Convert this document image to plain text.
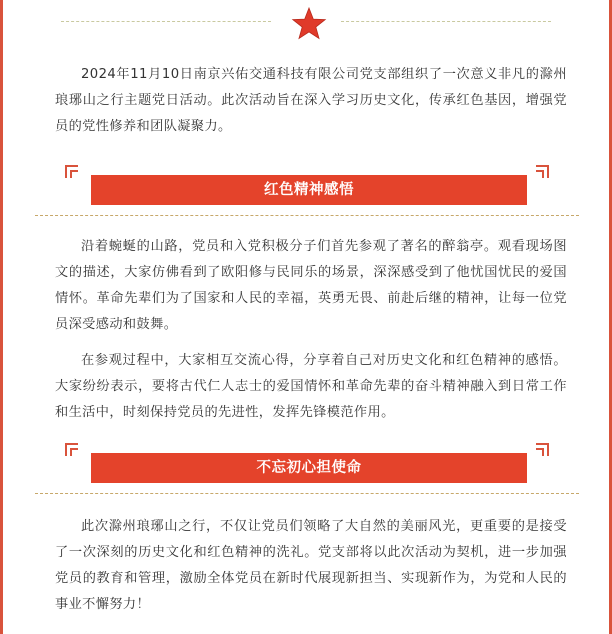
2024年11月10日南京兴佑交通科技有限公司党支部组织了一次意义非凡的滁州琅琊山之行主题党日活动。此次活动旨在深入学习历史文化，传承红色基因，增强党员的党性修养和团队凝聚力。

红色精神感悟

沿着蜿蜒的山路，党员和入党积极分子们首先参观了著名的醉翁亭。观看现场图文的描述，大家仿佛看到了欧阳修与民同乐的场景，深深感受到了他忧国忧民的爱国情怀。革命先辈们为了国家和人民的幸福，英勇无畏、前赴后继的精神，让每一位党员深受感动和鼓舞。

在参观过程中，大家相互交流心得，分享着自己对历史文化和红色精神的感悟。大家纷纷表示，要将古代仁人志士的爱国情怀和革命先辈的奋斗精神融入到日常工作和生活中，时刻保持党员的先进性，发挥先锋模范作用。

不忘初心担使命

此次滁州琅琊山之行，不仅让党员们领略了大自然的美丽风光，更重要的是接受了一次深刻的历史文化和红色精神的洗礼。党支部将以此次活动为契机，进一步加强党员的教育和管理，激励全体党员在新时代展现新担当、实现新作为，为党和人民的事业不懈努力！
